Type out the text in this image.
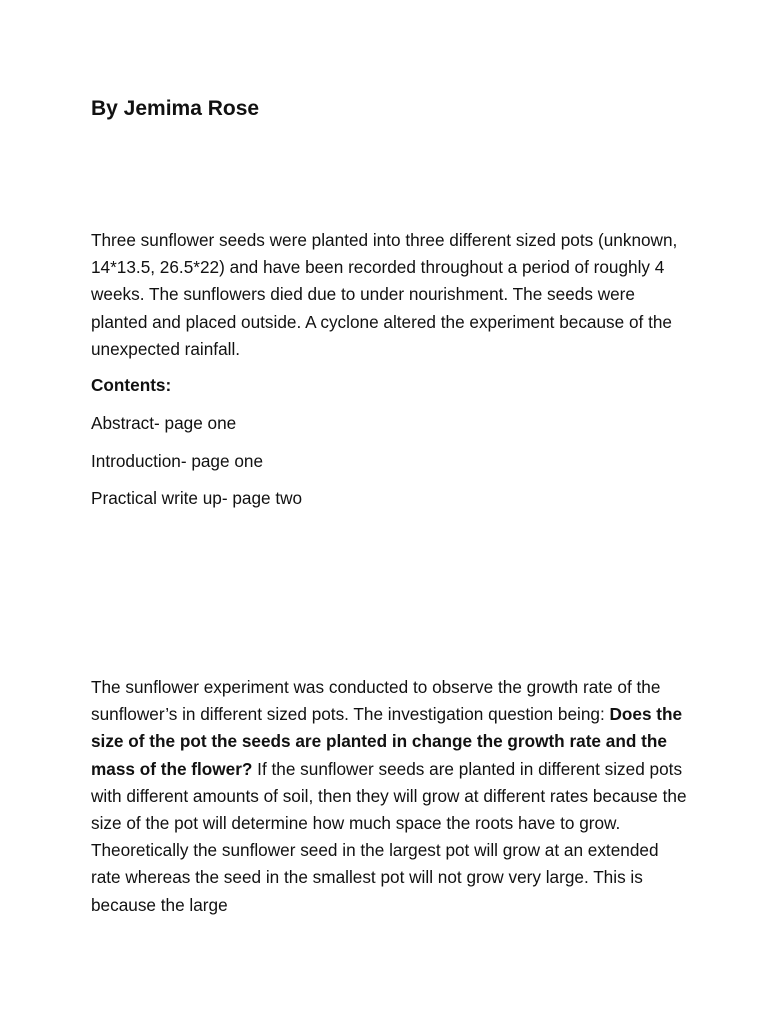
By Jemima Rose

Three sunflower seeds were planted into three different sized pots (unknown, 14*13.5, 26.5*22) and have been recorded throughout a period of roughly 4 weeks. The sunflowers died due to under nourishment. The seeds were planted and placed outside. A cyclone altered the experiment because of the unexpected rainfall.

Contents:

Abstract- page one

Introduction- page one

Practical write up- page two

The sunflower experiment was conducted to observe the growth rate of the sunflower’s in different sized pots. The investigation question being: Does the size of the pot the seeds are planted in change the growth rate and the mass of the flower? If the sunflower seeds are planted in different sized pots with different amounts of soil, then they will grow at different rates because the size of the pot will determine how much space the roots have to grow. Theoretically the sunflower seed in the largest pot will grow at an extended rate whereas the seed in the smallest pot will not grow very large. This is because the large
